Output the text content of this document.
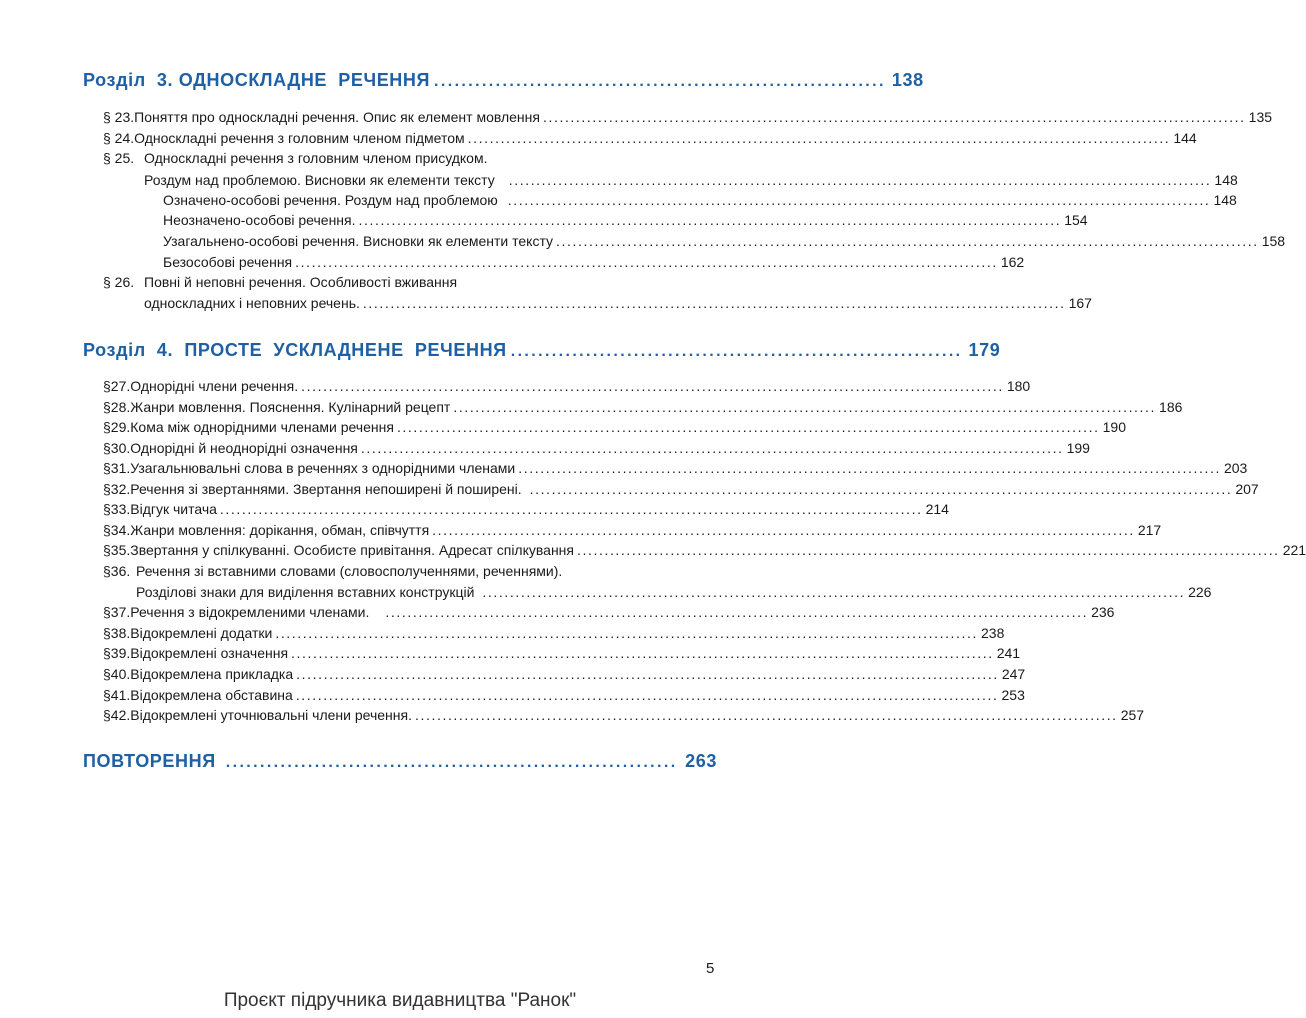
Розділ  3. ОДНОСКЛАДНЕ  РЕЧЕННЯ .................................................................. 138
§ 23. Поняття про односкладні речення. Опис як елемент мовлення ................................................................................................................................ 135
§ 24. Односкладні речення з головним членом підметом ................................................................................................................................ 144
§ 25. Односкладні речення з головним членом присудком.
Роздум над проблемою. Висновки як елементи тексту ................................................................................................................................ 148
Означено-особові речення. Роздум над проблемою ................................................................................................................................ 148
Неозначено-особові речення. ................................................................................................................................ 154
Узагальнено-особові речення. Висновки як елементи тексту ................................................................................................................................ 158
Безособові речення ................................................................................................................................ 162
§ 26. Повні й неповні речення. Особливості вживання
односкладних і неповних речень. ................................................................................................................................ 167
Розділ  4.  ПРОСТЕ  УСКЛАДНЕНЕ  РЕЧЕННЯ .................................................................. 179
§27. Однорідні члени речення. ................................................................................................................................ 180
§28. Жанри мовлення. Пояснення. Кулінарний рецепт ................................................................................................................................ 186
§29. Кома між однорідними членами речення ................................................................................................................................ 190
§30. Однорідні й неоднорідні означення ................................................................................................................................ 199
§31. Узагальнювальні слова в реченнях з однорідними членами ................................................................................................................................ 203
§32. Речення зі звертаннями. Звертання непоширені й поширені. ................................................................................................................................ 207
§33. Відгук читача ................................................................................................................................ 214
§34. Жанри мовлення: дорікання, обман, співчуття ................................................................................................................................ 217
§35. Звертання у спілкуванні. Особисте привітання. Адресат спілкування ................................................................................................................................ 221
§36. Речення зі вставними словами (словосполученнями, реченнями).
Розділові знаки для виділення вставних конструкцій ................................................................................................................................ 226
§37. Речення з відокремленими членами. ................................................................................................................................ 236
§38. Відокремлені додатки ................................................................................................................................ 238
§39. Відокремлені означення ................................................................................................................................ 241
§40. Відокремлена прикладка ................................................................................................................................ 247
§41. Відокремлена обставина ................................................................................................................................ 253
§42. Відокремлені уточнювальні члени речення. ................................................................................................................................ 257
ПОВТОРЕННЯ .................................................................. 263
5
Проєкт підручника видавництва "Ранок"
